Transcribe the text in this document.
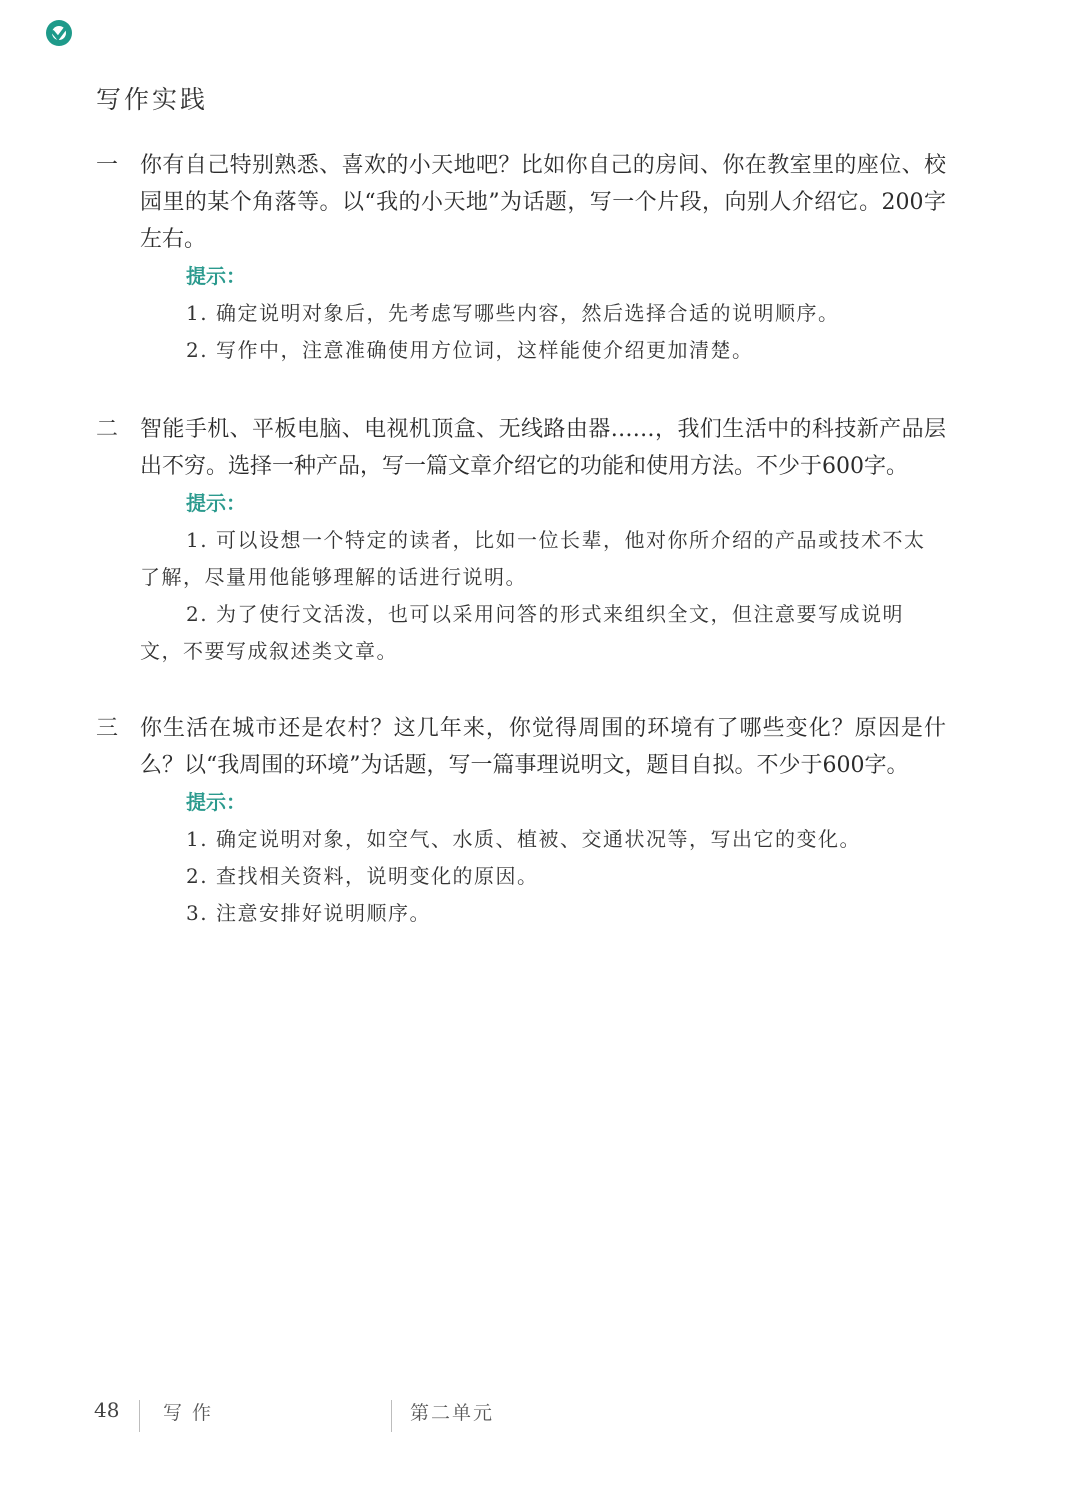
写作实践
一 你有自己特别熟悉、喜欢的小天地吧？比如你自己的房间、你在教室里的座位、校园里的某个角落等。以“我的小天地”为话题，写一个片段，向别人介绍它。200字左右。
提示：
1. 确定说明对象后，先考虑写哪些内容，然后选择合适的说明顺序。
2. 写作中，注意准确使用方位词，这样能使介绍更加清楚。
二 智能手机、平板电脑、电视机顶盒、无线路由器……，我们生活中的科技新产品层出不穷。选择一种产品，写一篇文章介绍它的功能和使用方法。不少于600字。
提示：
1. 可以设想一个特定的读者，比如一位长辈，他对你所介绍的产品或技术不太了解，尽量用他能够理解的话进行说明。
2. 为了使行文活泼，也可以采用问答的形式来组织全文，但注意要写成说明文，不要写成叙述类文章。
三 你生活在城市还是农村？这几年来，你觉得周围的环境有了哪些变化？原因是什么？以“我周围的环境”为话题，写一篇事理说明文，题目自拟。不少于600字。
提示：
1. 确定说明对象，如空气、水质、植被、交通状况等，写出它的变化。
2. 查找相关资料，说明变化的原因。
3. 注意安排好说明顺序。
48 写 作	第二单元
